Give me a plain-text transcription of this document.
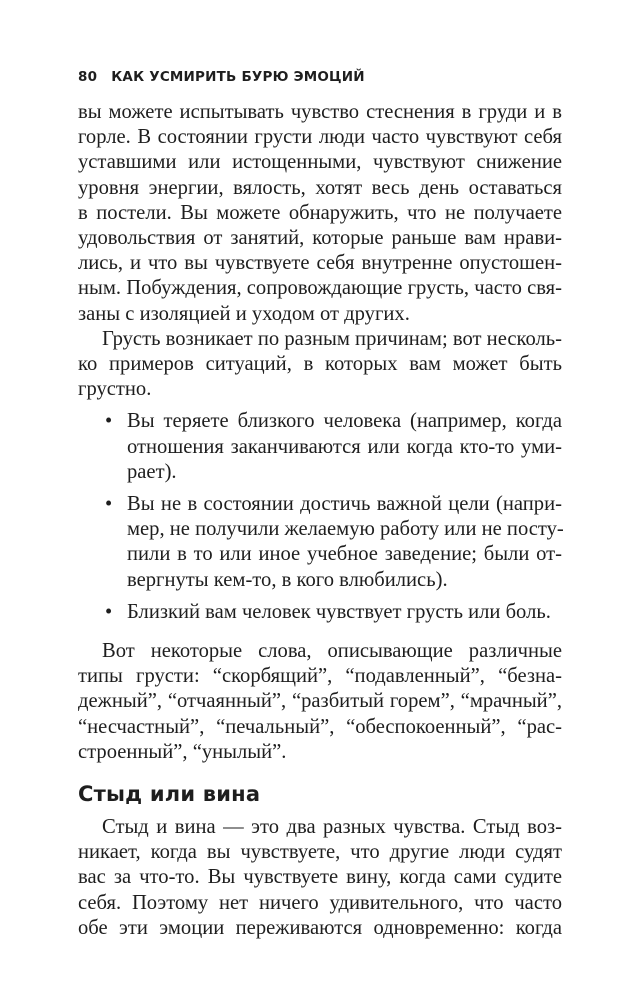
80 КАК УСМИРИТЬ БУРЮ ЭМОЦИЙ
вы можете испытывать чувство стеснения в груди и в
горле. В состоянии грусти люди часто чувствуют себя
уставшими или истощенными, чувствуют снижение
уровня энергии, вялость, хотят весь день оставаться
в постели. Вы можете обнаружить, что не получаете
удовольствия от занятий, которые раньше вам нрави-
лись, и что вы чувствуете себя внутренне опустошен-
ным. Побуждения, сопровождающие грусть, часто свя-
заны с изоляцией и уходом от других.
Грусть возникает по разным причинам; вот несколь-
ко примеров ситуаций, в которых вам может быть
грустно.
• Вы теряете близкого человека (например, когда
отношения заканчиваются или когда кто-то уми-
рает).
• Вы не в состоянии достичь важной цели (напри-
мер, не получили желаемую работу или не посту-
пили в то или иное учебное заведение; были от-
вергнуты кем-то, в кого влюбились).
• Близкий вам человек чувствует грусть или боль.
Вот некоторые слова, описывающие различные
типы грусти: “скорбящий”, “подавленный”, “безна-
дежный”, “отчаянный”, “разбитый горем”, “мрачный”,
“несчастный”, “печальный”, “обеспокоенный”, “рас-
строенный”, “унылый”.
Стыд или вина
Стыд и вина — это два разных чувства. Стыд воз-
никает, когда вы чувствуете, что другие люди судят
вас за что-то. Вы чувствуете вину, когда сами судите
себя. Поэтому нет ничего удивительного, что часто
обе эти эмоции переживаются одновременно: когда
